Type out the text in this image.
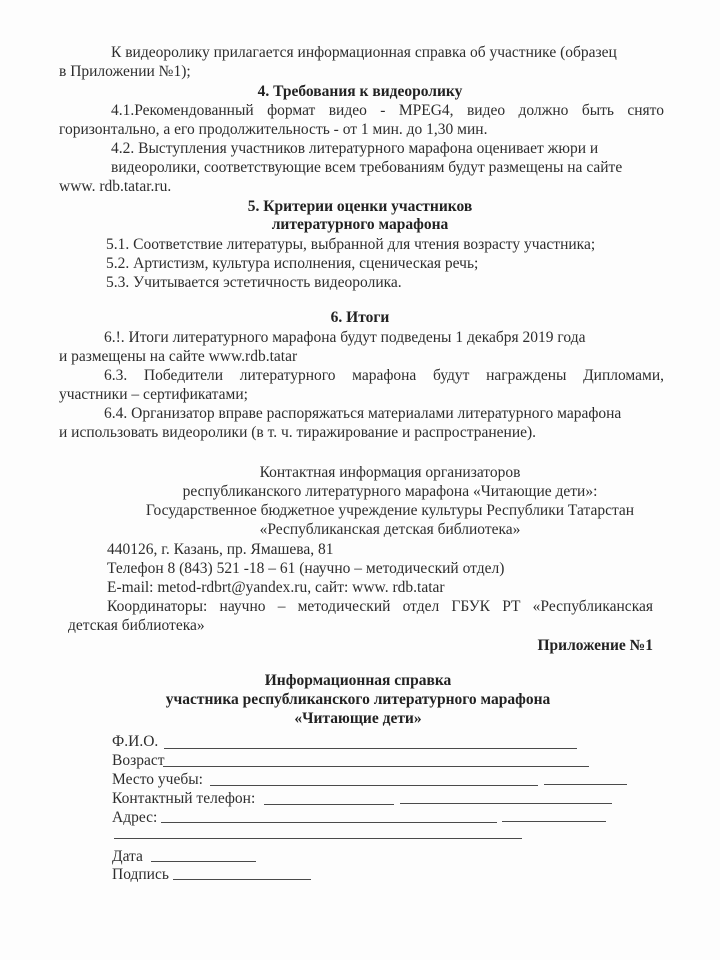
К видеоролику прилагается информационная справка об участнике (образец
в Приложении №1);
4. Требования к видеоролику
4.1.Рекомендованный формат видео - MPEG4, видео должно быть снято
горизонтально, а его продолжительность - от 1 мин. до 1,30 мин.
4.2. Выступления участников литературного марафона оценивает жюри и
видеоролики, соответствующие всем требованиям будут размещены на сайте
www. rdb.tatar.ru.
5. Критерии оценки участников
литературного марафона
5.1. Соответствие литературы, выбранной для чтения возрасту участника;
5.2. Артистизм, культура исполнения, сценическая речь;
5.3. Учитывается эстетичность видеоролика.
6. Итоги
6.!. Итоги литературного марафона будут подведены 1 декабря 2019 года
и размещены на сайте www.rdb.tatar
6.3. Победители литературного марафона будут награждены Дипломами,
участники – сертификатами;
6.4. Организатор вправе распоряжаться материалами литературного марафона
и использовать видеоролики (в т. ч. тиражирование и распространение).
Контактная информация организаторов
республиканского литературного марафона «Читающие дети»:
Государственное бюджетное учреждение культуры Республики Татарстан
«Республиканская детская библиотека»
440126, г. Казань, пр. Ямашева, 81
Телефон 8 (843) 521 -18 – 61 (научно – методический отдел)
E-mail: metod-rdbrt@yandex.ru, сайт: www. rdb.tatar
Координаторы: научно – методический отдел ГБУК РТ «Республиканская
детская библиотека»
Приложение №1
Информационная справка
участника республиканского литературного марафона
«Читающие дети»
Ф.И.О.
Возраст
Место учебы:
Контактный телефон:
Адрес:
Дата
Подпись
